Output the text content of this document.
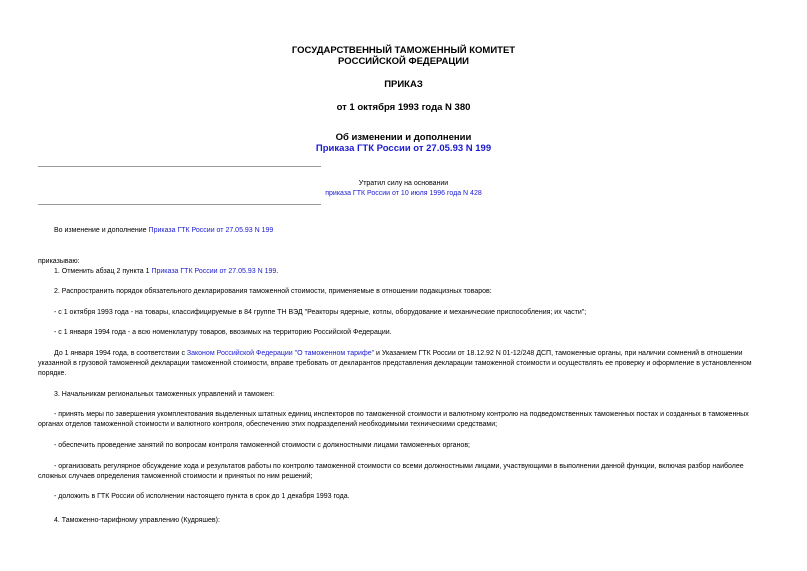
ГОСУДАРСТВЕННЫЙ ТАМОЖЕННЫЙ КОМИТЕТ
РОССИЙСКОЙ ФЕДЕРАЦИИ
ПРИКАЗ
от 1 октября 1993 года N 380
Об изменении и дополнении
Приказа ГТК России от 27.05.93 N 199
Утратил силу на основании
приказа ГТК России от 10 июля 1996 года N 428
Во изменение и дополнение Приказа ГТК России от 27.05.93 N 199
приказываю:
1. Отменить абзац 2 пункта 1 Приказа ГТК России от 27.05.93 N 199.
2. Распространить порядок обязательного декларирования таможенной стоимости, применяемые в отношении подакцизных товаров:
- с 1 октября 1993 года - на товары, классифицируемые в 84 группе ТН ВЭД "Реакторы ядерные, котлы, оборудование и механические приспособления; их части";
- с 1 января 1994 года - а всю номенклатуру товаров, ввозимых на территорию Российской Федерации.
До 1 января 1994 года, в соответствии с Законом Российской Федерации "О таможенном тарифе" и Указанием ГТК России от 18.12.92 N 01-12/248 ДСП, таможенные органы, при наличии сомнений в отношении указанной в грузовой таможенной декларации таможенной стоимости, вправе требовать от декларантов представления декларации таможенной стоимости и осуществлять ее проверку и оформление в установленном порядке.
3. Начальникам региональных таможенных управлений и таможен:
- принять меры по завершения укомплектования выделенных штатных единиц инспекторов по таможенной стоимости и валютному контролю на подведомственных таможенных постах и созданных в таможенных органах отделов таможенной стоимости и валютного контроля, обеспечению этих подразделений необходимыми техническими средствами;
- обеспечить проведение занятий по вопросам контроля таможенной стоимости с должностными лицами таможенных органов;
- организовать регулярное обсуждение хода и результатов работы по контролю таможенной стоимости со всеми должностными лицами, участвующими в выполнении данной функции, включая разбор наиболее сложных случаев определения таможенной стоимости и принятых по ним решений;
- доложить в ГТК России об исполнении настоящего пункта в срок до 1 декабря 1993 года.
4. Таможенно-тарифному управлению (Кудряшев):
